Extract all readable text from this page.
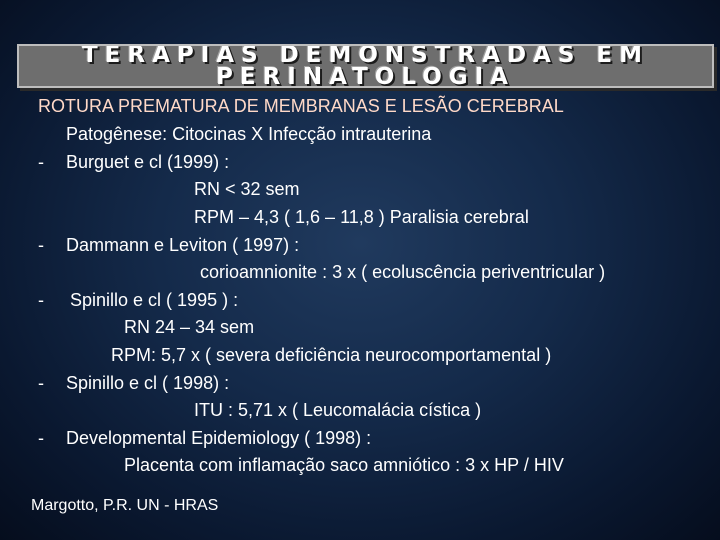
TERAPIAS DEMONSTRADAS EM
PERINATOLOGIA
ROTURA PREMATURA DE MEMBRANAS E LESÃO CEREBRAL
Patogênese: Citocinas X Infecção intrauterina
- Burguet e cl (1999) :
RN < 32 sem
RPM – 4,3 ( 1,6 – 11,8 ) Paralisia cerebral
- Dammann e Leviton ( 1997) :
corioamnionite : 3 x ( ecoluscência periventricular )
- Spinillo e cl ( 1995 ) :
RN 24 – 34 sem
RPM: 5,7 x ( severa deficiência neurocomportamental )
- Spinillo e cl ( 1998) :
ITU : 5,71 x ( Leucomalácia cística )
- Developmental Epidemiology ( 1998) :
Placenta com inflamação saco amniótico : 3 x HP / HIV
Margotto, P.R. UN - HRAS
